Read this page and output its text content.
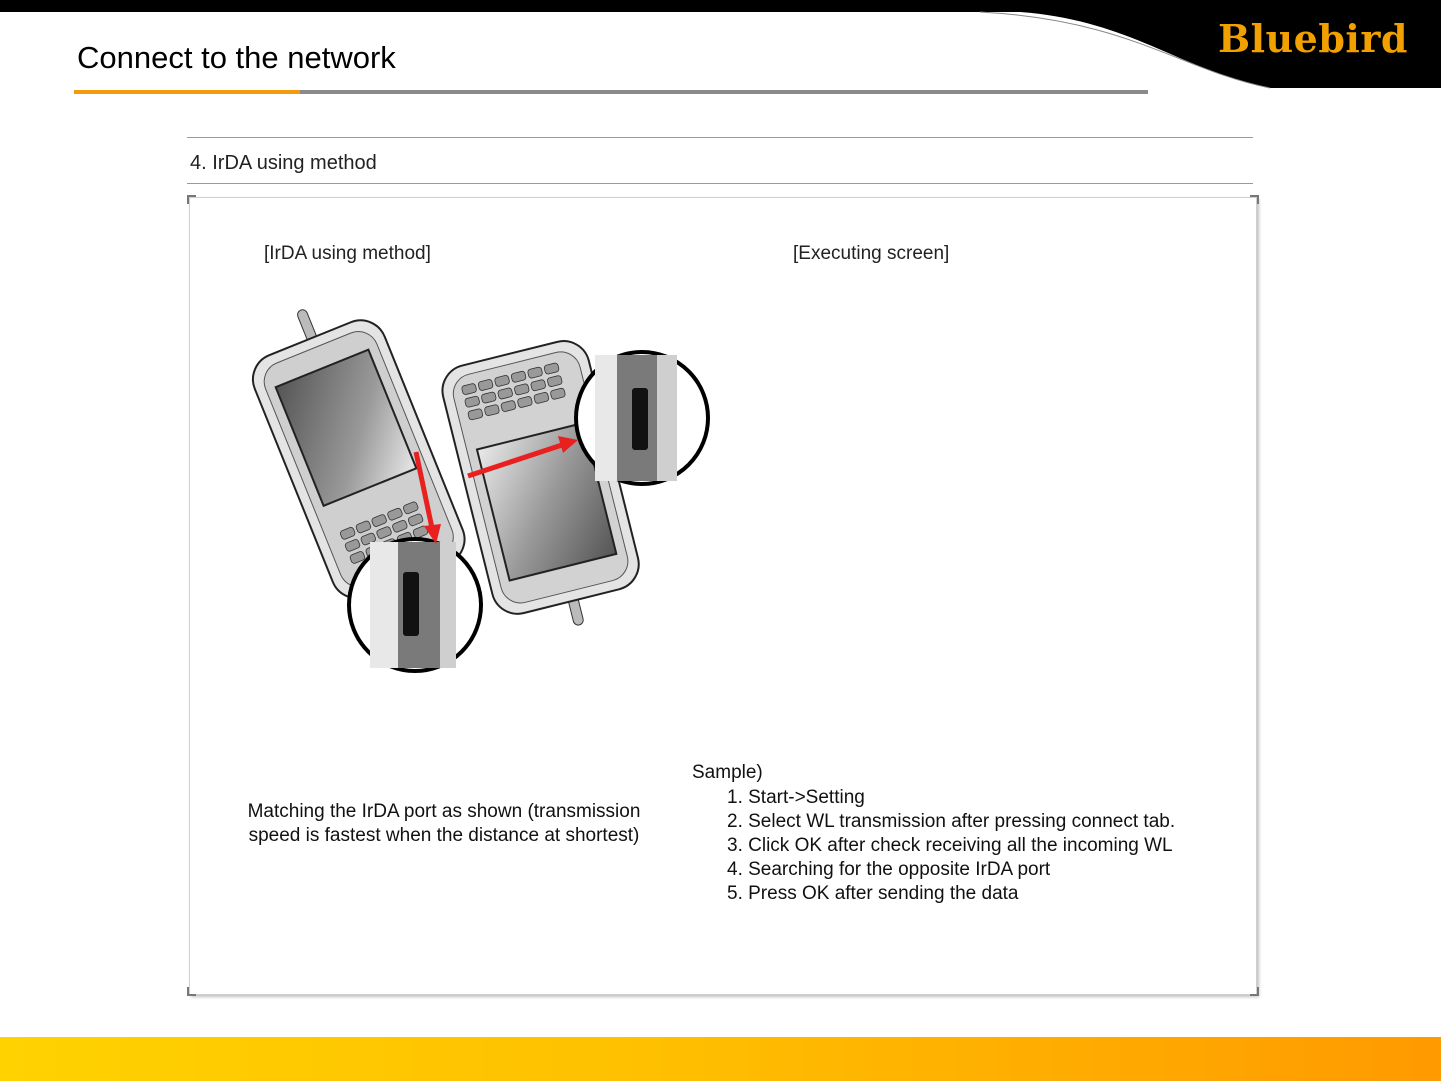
Bluebird
Connect to the network
4. IrDA using method
[IrDA using method]	[Executing screen]
Matching the IrDA port as shown (transmission
speed is fastest when the distance at shortest)
Sample)
1. Start->Setting
2. Select WL transmission after pressing connect tab.
3. Click OK after check receiving all the incoming WL
4. Searching for the opposite IrDA port
5. Press OK after sending the data
